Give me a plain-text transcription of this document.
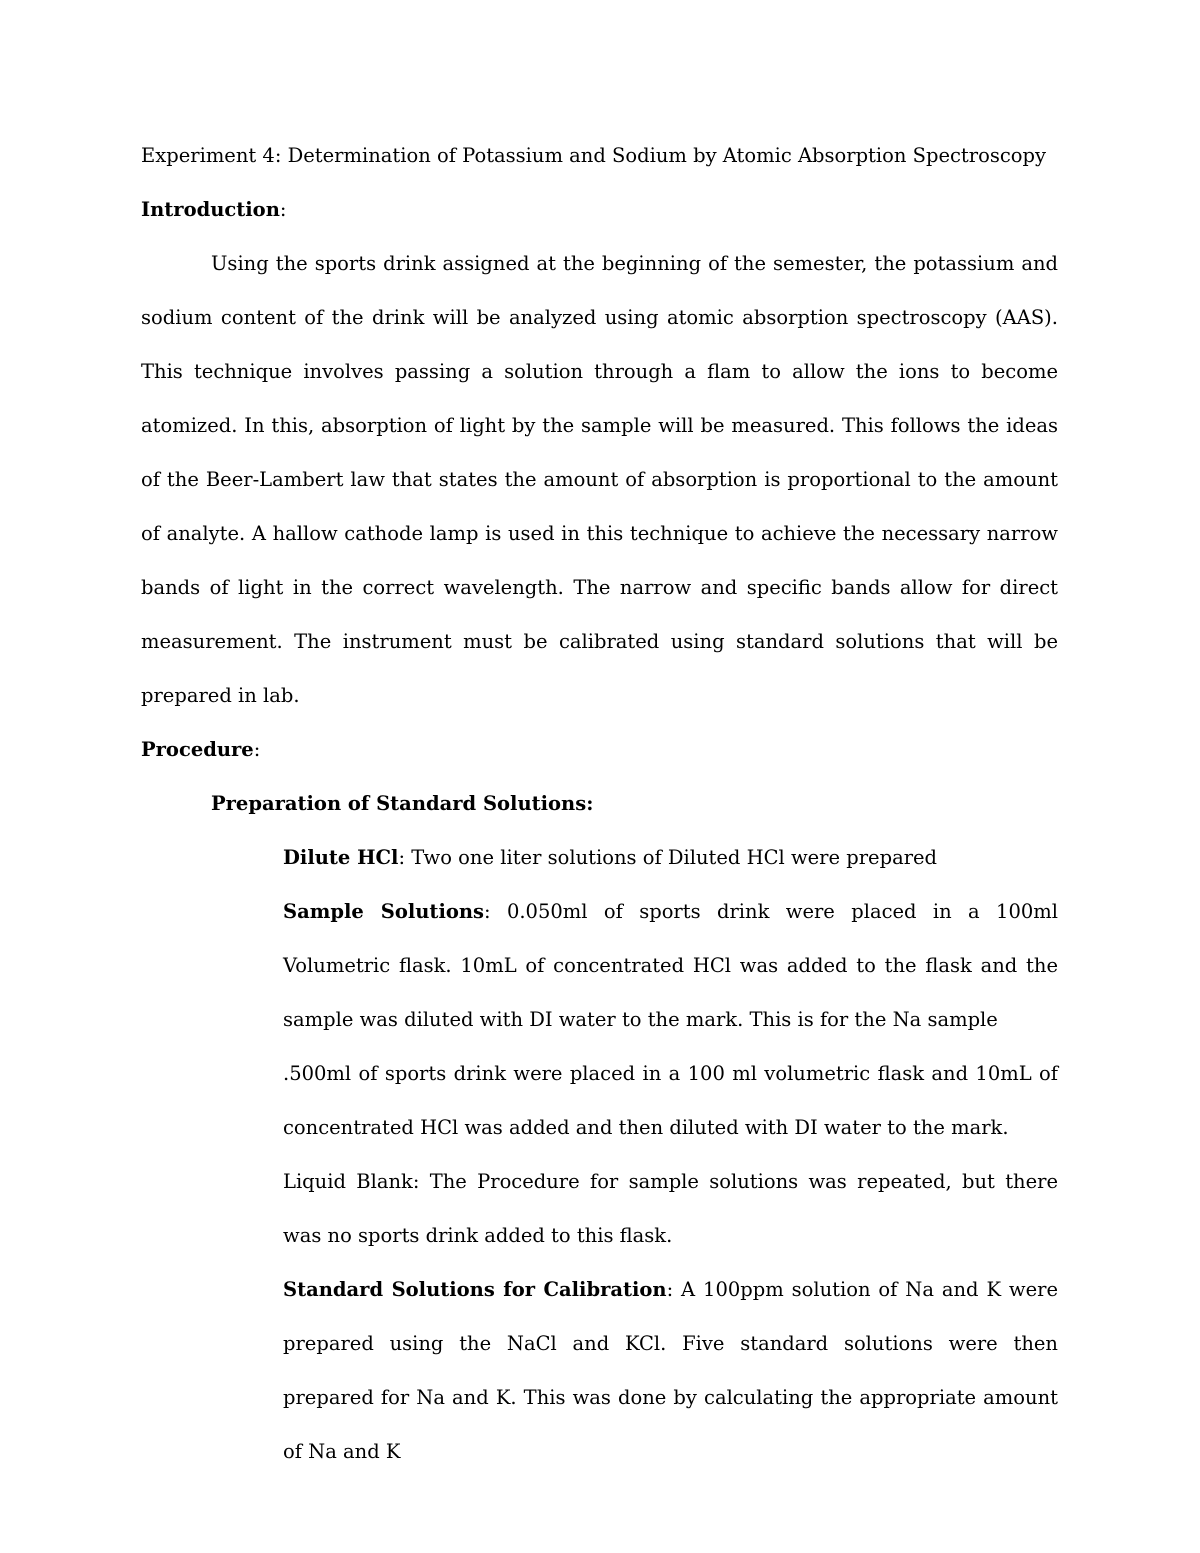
Experiment 4: Determination of Potassium and Sodium by Atomic Absorption Spectroscopy

Introduction:

Using the sports drink assigned at the beginning of the semester, the potassium and sodium content of the drink will be analyzed using atomic absorption spectroscopy (AAS). This technique involves passing a solution through a flam to allow the ions to become atomized. In this, absorption of light by the sample will be measured. This follows the ideas of the Beer-Lambert law that states the amount of absorption is proportional to the amount of analyte. A hallow cathode lamp is used in this technique to achieve the necessary narrow bands of light in the correct wavelength. The narrow and specific bands allow for direct measurement. The instrument must be calibrated using standard solutions that will be prepared in lab.

Procedure:

Preparation of Standard Solutions:

Dilute HCl: Two one liter solutions of Diluted HCl were prepared

Sample Solutions: 0.050ml of sports drink were placed in a 100ml Volumetric flask. 10mL of concentrated HCl was added to the flask and the sample was diluted with DI water to the mark. This is for the Na sample

.500ml of sports drink were placed in a 100 ml volumetric flask and 10mL of concentrated HCl was added and then diluted with DI water to the mark.

Liquid Blank: The Procedure for sample solutions was repeated, but there was no sports drink added to this flask.

Standard Solutions for Calibration: A 100ppm solution of Na and K were prepared using the NaCl and KCl. Five standard solutions were then prepared for Na and K. This was done by calculating the appropriate amount of Na and K
